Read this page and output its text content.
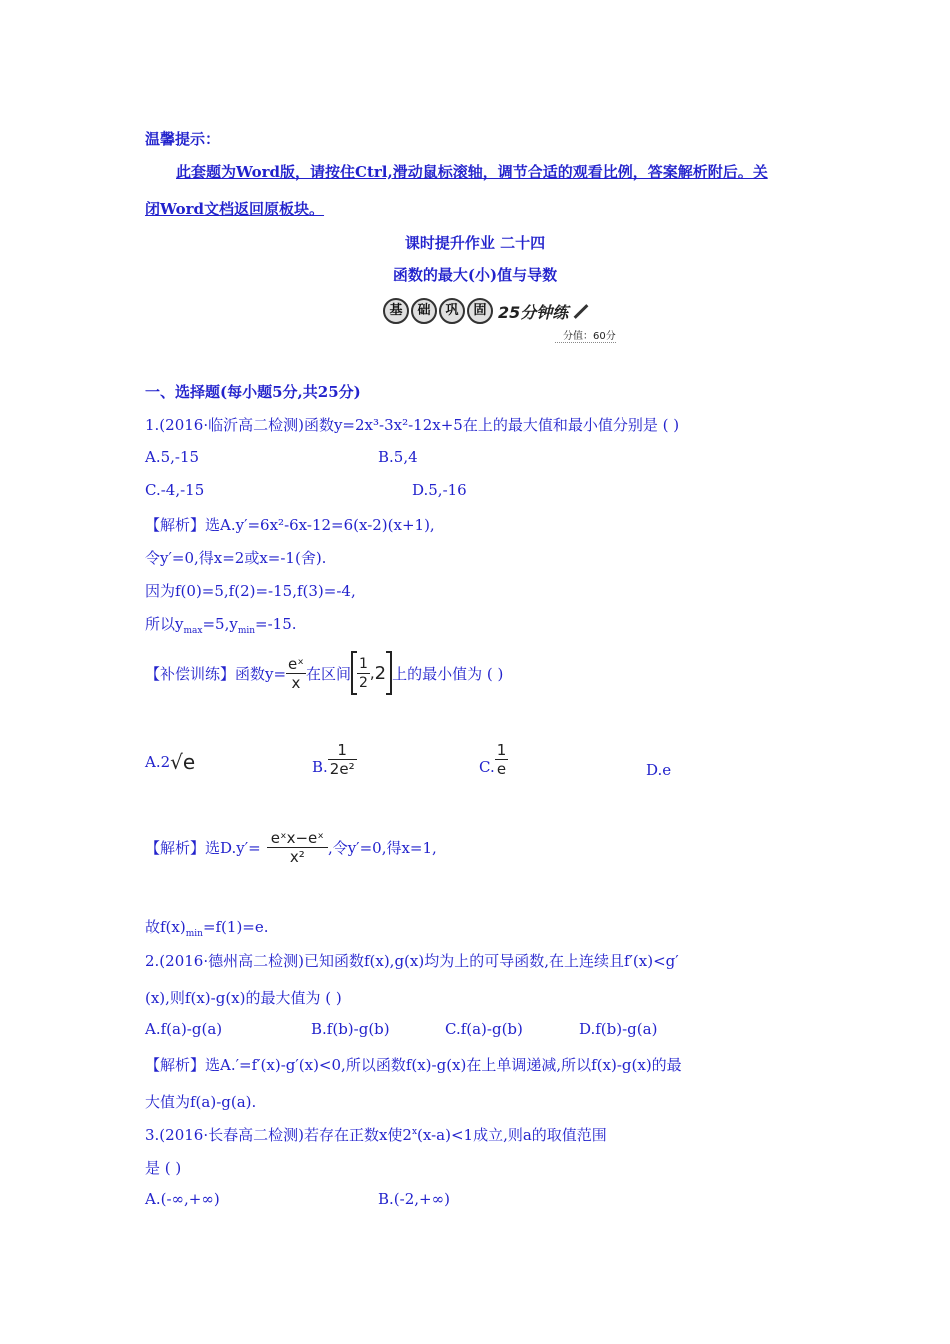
温馨提示：
此套题为Word版，请按住Ctrl,滑动鼠标滚轴，调节合适的观看比例，答案解析附后。关
闭Word文档返回原板块。
课时提升作业 二十四
函数的最大(小)值与导数
基	础	巩	固 25分钟练
分值：60分
一、选择题(每小题5分,共25分)
1.(2016·临沂高二检测)函数y=2x³-3x²-12x+5在上的最大值和最小值分别是 ( )
A.5,-15	B.5,4
C.-4,-15	D.5,-16
【解析】选A.y′=6x²-6x-12=6(x-2)(x+1),
令y′=0,得x=2或x=-1(舍).
因为f(0)=5,f(2)=-15,f(3)=-4,
所以$y_{max}=5,y_{min}=-15$.
【补偿训练】函数$y= \frac{\text{eˣ}}{x}$ 在区间 $\frac{1}{2}$ , 2 上的最小值为 ( )
A.2 √e	B. $\frac{1}{\text{2e²}}$	C. $\frac{1}{e}$	D.e
【解析】选$D.y'= \frac{\text{eˣx−eˣ}}{\text{x²}}$ ,令y′=0,得x=1,
故$f(x)_{min}=f(1)=e$.
2.(2016·德州高二检测)已知函数f(x),g(x)均为上的可导函数,在上连续且f′(x)<g′
(x),则f(x)-g(x)的最大值为 ( )
A.f(a)-g(a)	B.f(b)-g(b)	C.f(a)-g(b)	D.f(b)-g(a)
【解析】选A.′=f′(x)-g′(x)<0,所以函数f(x)-g(x)在上单调递减,所以f(x)-g(x)的最
大值为f(a)-g(a).
3.(2016·长春高二检测)若存在正数x使$2^x(x-a)<1$成立,则a的取值范围
是 ( )
A.(-∞,+∞)	B.(-2,+∞)
